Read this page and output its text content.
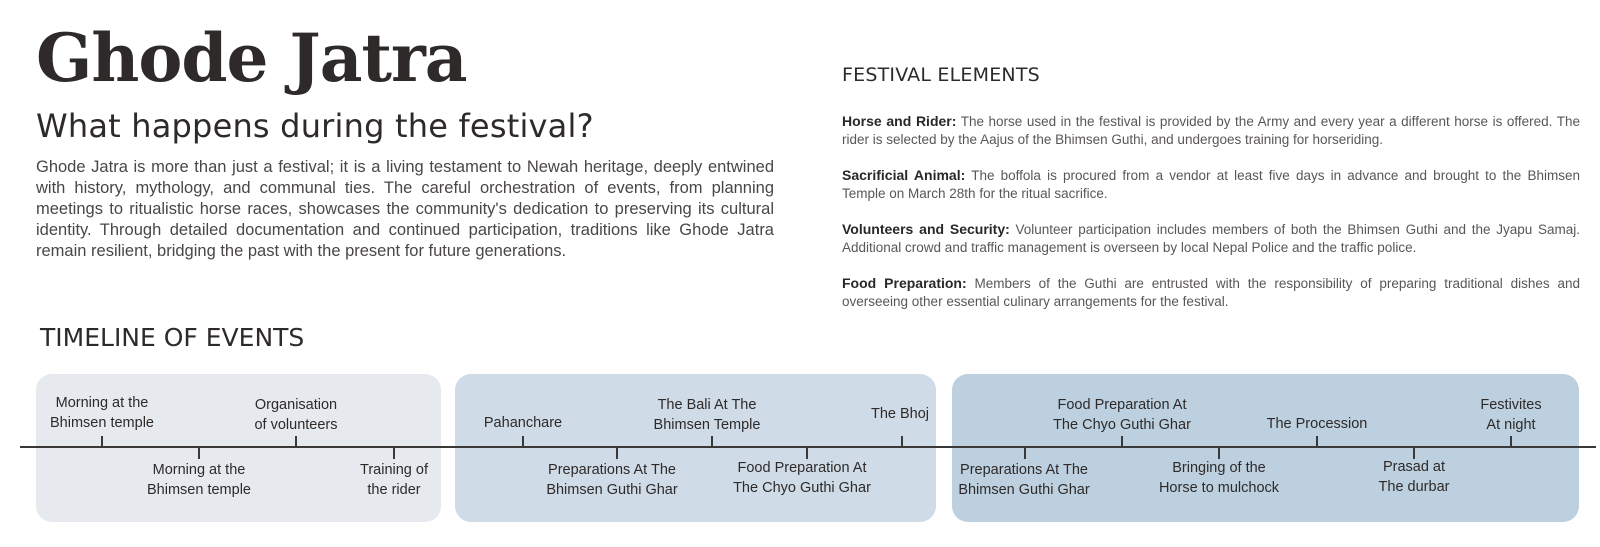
Ghode Jatra
What happens during the festival?

Ghode Jatra is more than just a festival; it is a living testament to Newah heritage, deeply entwined with history, mythology, and communal ties. The careful orchestration of events, from planning meetings to ritualistic horse races, showcases the community's dedication to preserving its cultural identity. Through detailed documentation and continued participation, traditions like Ghode Jatra remain resilient, bridging the past with the present for future generations.

FESTIVAL ELEMENTS

Horse and Rider: The horse used in the festival is provided by the Army and every year a different horse is offered. The rider is selected by the Aajus of the Bhimsen Guthi, and undergoes training for horseriding.

Sacrificial Animal: The boffola is procured from a vendor at least five days in advance and brought to the Bhimsen Temple on March 28th for the ritual sacrifice.

Volunteers and Security: Volunteer participation includes members of both the Bhimsen Guthi and the Jyapu Samaj. Additional crowd and traffic management is overseen by local Nepal Police and the traffic police.

Food Preparation: Members of the Guthi are entrusted with the responsibility of preparing traditional dishes and overseeing other essential culinary arrangements for the festival.

TIMELINE OF EVENTS
Morning at the
Bhimsen temple
Morning at the
Bhimsen temple
Organisation
of volunteers
Training of
the rider
Pahanchare
Preparations At The
Bhimsen Guthi Ghar
The Bali At The
Bhimsen Temple
Food Preparation At
The Chyo Guthi Ghar
The Bhoj
Preparations At The
Bhimsen Guthi Ghar
Food Preparation At
The Chyo Guthi Ghar
Bringing of the
Horse to mulchock
The Procession
Prasad at
The durbar
Festivites
At night
